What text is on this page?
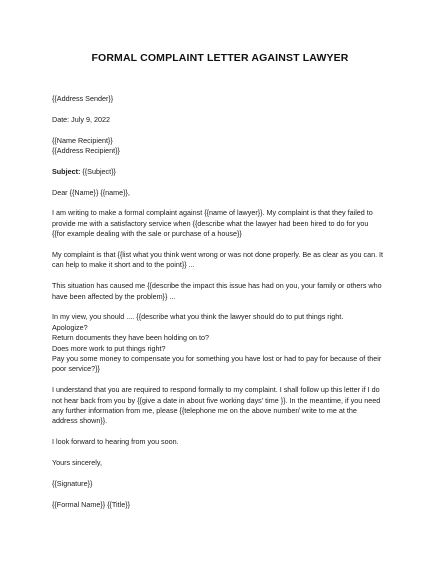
FORMAL COMPLAINT LETTER AGAINST LAWYER
{{Address Sender}}
Date: July 9, 2022
{{Name Recipient}}
{{Address Recipient}}
Subject: {{Subject}}
Dear {{Name}} {{name}},
I am writing to make a formal complaint against {{name of lawyer}}. My complaint is that they failed to
provide me with a satisfactory service when {{describe what the lawyer had been hired to do for you
{{for example dealing with the sale or purchase of a house}}
My complaint is that {{list what you think went wrong or was not done properly. Be as clear as you can. It
can help to make it short and to the point}} ...
This situation has caused me {{describe the impact this issue has had on you, your family or others who
have been affected by the problem}} ...
In my view, you should .... {{describe what you think the lawyer should do to put things right.
Apologize?
Return documents they have been holding on to?
Does more work to put things right?
Pay you some money to compensate you for something you have lost or had to pay for because of their
poor service?}}
I understand that you are required to respond formally to my complaint. I shall follow up this letter if I do
not hear back from you by {{give a date in about five working days' time }}. In the meantime, if you need
any further information from me, please {{telephone me on the above number/ write to me at the
address shown}}.
I look forward to hearing from you soon.
Yours sincerely,
{{Signature}}
{{Formal Name}} {{Title}}
